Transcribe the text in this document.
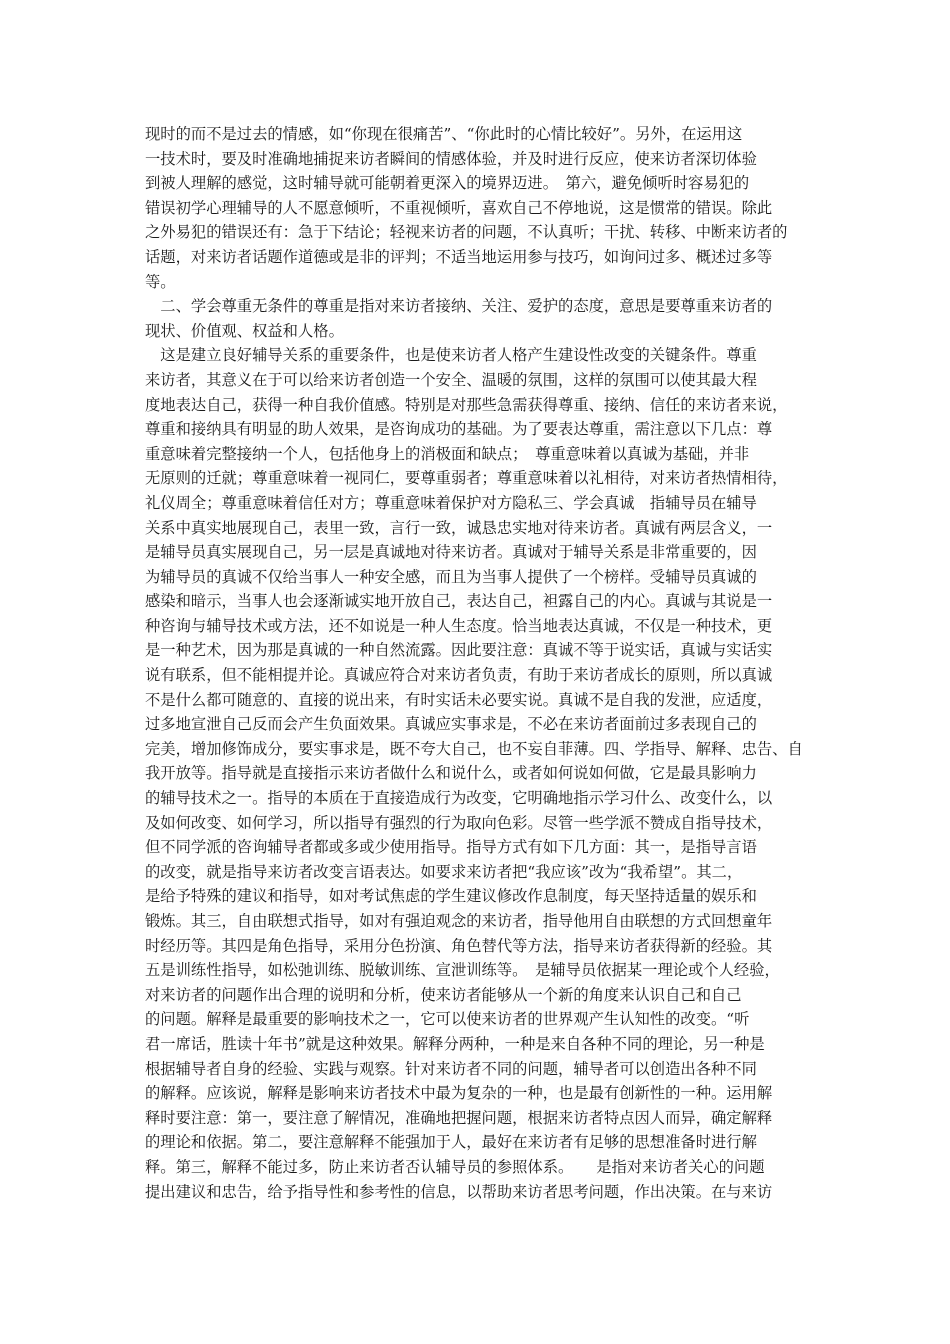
现时的而不是过去的情感，如“你现在很痛苦”、“你此时的心情比较好”。另外，在运用这
一技术时，要及时准确地捕捉来访者瞬间的情感体验，并及时进行反应，使来访者深切体验
到被人理解的感觉，这时辅导就可能朝着更深入的境界迈进。　第六，避免倾听时容易犯的
错误初学心理辅导的人不愿意倾听，不重视倾听，喜欢自己不停地说，这是惯常的错误。除此
之外易犯的错误还有：急于下结论；轻视来访者的问题，不认真听；干扰、转移、中断来访者的
话题，对来访者话题作道德或是非的评判；不适当地运用参与技巧，如询问过多、概述过多等
等。
　二、学会尊重无条件的尊重是指对来访者接纳、关注、爱护的态度，意思是要尊重来访者的
现状、价值观、权益和人格。
　这是建立良好辅导关系的重要条件，也是使来访者人格产生建设性改变的关键条件。尊重
来访者，其意义在于可以给来访者创造一个安全、温暖的氛围，这样的氛围可以使其最大程
度地表达自己，获得一种自我价值感。特别是对那些急需获得尊重、接纳、信任的来访者来说，
尊重和接纳具有明显的助人效果，是咨询成功的基础。为了要表达尊重，需注意以下几点：尊
重意味着完整接纳一个人，包括他身上的消极面和缺点；　尊重意味着以真诚为基础，并非
无原则的迁就；尊重意味着一视同仁，要尊重弱者；尊重意味着以礼相待，对来访者热情相待，
礼仪周全；尊重意味着信任对方；尊重意味着保护对方隐私三、学会真诚　指辅导员在辅导
关系中真实地展现自己，表里一致，言行一致，诚恳忠实地对待来访者。真诚有两层含义，一
是辅导员真实展现自己，另一层是真诚地对待来访者。真诚对于辅导关系是非常重要的，因
为辅导员的真诚不仅给当事人一种安全感，而且为当事人提供了一个榜样。受辅导员真诚的
感染和暗示，当事人也会逐渐诚实地开放自己，表达自己，袒露自己的内心。真诚与其说是一
种咨询与辅导技术或方法，还不如说是一种人生态度。恰当地表达真诚，不仅是一种技术，更
是一种艺术，因为那是真诚的一种自然流露。因此要注意：真诚不等于说实话，真诚与实话实
说有联系，但不能相提并论。真诚应符合对来访者负责，有助于来访者成长的原则，所以真诚
不是什么都可随意的、直接的说出来，有时实话未必要实说。真诚不是自我的发泄，应适度，
过多地宣泄自己反而会产生负面效果。真诚应实事求是，不必在来访者面前过多表现自己的
完美，增加修饰成分，要实事求是，既不夸大自己，也不妄自菲薄。四、学指导、解释、忠告、自
我开放等。指导就是直接指示来访者做什么和说什么，或者如何说如何做，它是最具影响力
的辅导技术之一。指导的本质在于直接造成行为改变，它明确地指示学习什么、改变什么，以
及如何改变、如何学习，所以指导有强烈的行为取向色彩。尽管一些学派不赞成自指导技术，
但不同学派的咨询辅导者都或多或少使用指导。指导方式有如下几方面：其一，是指导言语
的改变，就是指导来访者改变言语表达。如要求来访者把“我应该”改为“我希望”。其二，
是给予特殊的建议和指导，如对考试焦虑的学生建议修改作息制度，每天坚持适量的娱乐和
锻炼。其三，自由联想式指导，如对有强迫观念的来访者，指导他用自由联想的方式回想童年
时经历等。其四是角色指导，采用分色扮演、角色替代等方法，指导来访者获得新的经验。其
五是训练性指导，如松弛训练、脱敏训练、宣泄训练等。　是辅导员依据某一理论或个人经验，
对来访者的问题作出合理的说明和分析，使来访者能够从一个新的角度来认识自己和自己
的问题。解释是最重要的影响技术之一，它可以使来访者的世界观产生认知性的改变。“听
君一席话，胜读十年书”就是这种效果。解释分两种，一种是来自各种不同的理论，另一种是
根据辅导者自身的经验、实践与观察。针对来访者不同的问题，辅导者可以创造出各种不同
的解释。应该说，解释是影响来访者技术中最为复杂的一种，也是最有创新性的一种。运用解
释时要注意：第一，要注意了解情况，准确地把握问题，根据来访者特点因人而异，确定解释
的理论和依据。第二，要注意解释不能强加于人，最好在来访者有足够的思想准备时进行解
释。第三，解释不能过多，防止来访者否认辅导员的参照体系。　　是指对来访者关心的问题
提出建议和忠告，给予指导性和参考性的信息，以帮助来访者思考问题，作出决策。在与来访
